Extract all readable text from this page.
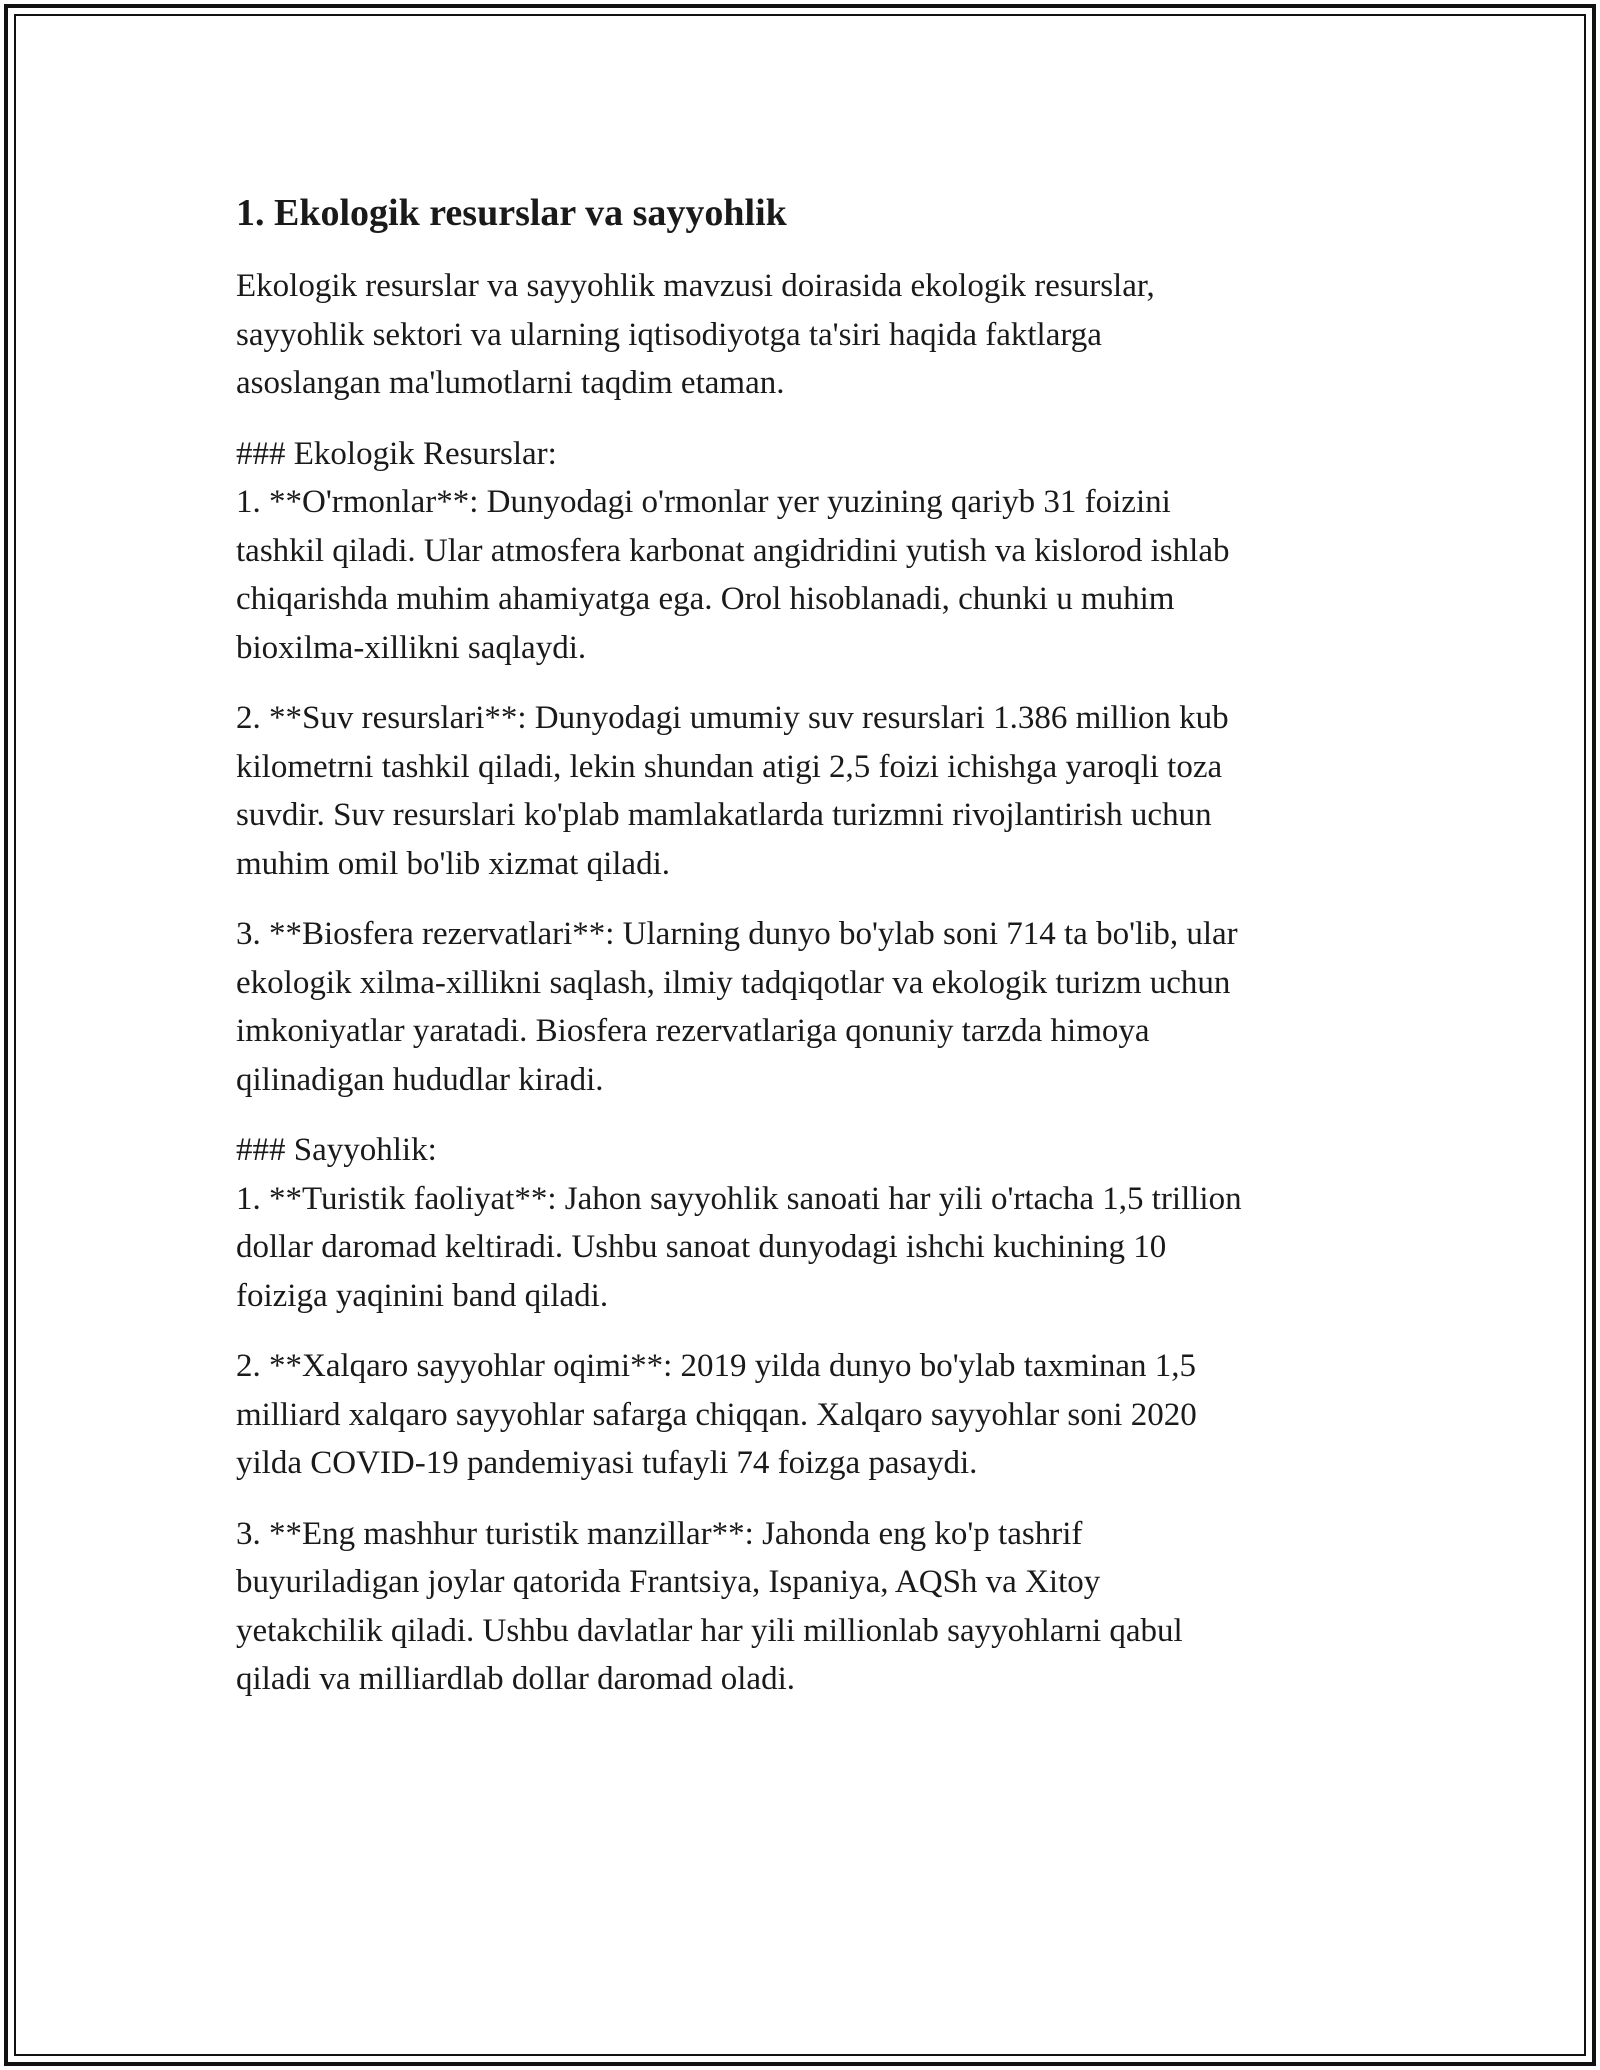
1. Ekologik resurslar va sayyohlik

Ekologik resurslar va sayyohlik mavzusi doirasida ekologik resurslar,
sayyohlik sektori va ularning iqtisodiyotga ta'siri haqida faktlarga
asoslangan ma'lumotlarni taqdim etaman.

### Ekologik Resurslar:
1. **O'rmonlar**: Dunyodagi o'rmonlar yer yuzining qariyb 31 foizini
tashkil qiladi. Ular atmosfera karbonat angidridini yutish va kislorod ishlab
chiqarishda muhim ahamiyatga ega. Orol hisoblanadi, chunki u muhim
bioxilma-xillikni saqlaydi.

2. **Suv resurslari**: Dunyodagi umumiy suv resurslari 1.386 million kub
kilometrni tashkil qiladi, lekin shundan atigi 2,5 foizi ichishga yaroqli toza
suvdir. Suv resurslari ko'plab mamlakatlarda turizmni rivojlantirish uchun
muhim omil bo'lib xizmat qiladi.

3. **Biosfera rezervatlari**: Ularning dunyo bo'ylab soni 714 ta bo'lib, ular
ekologik xilma-xillikni saqlash, ilmiy tadqiqotlar va ekologik turizm uchun
imkoniyatlar yaratadi. Biosfera rezervatlariga qonuniy tarzda himoya
qilinadigan hududlar kiradi.

### Sayyohlik:
1. **Turistik faoliyat**: Jahon sayyohlik sanoati har yili o'rtacha 1,5 trillion
dollar daromad keltiradi. Ushbu sanoat dunyodagi ishchi kuchining 10
foiziga yaqinini band qiladi.

2. **Xalqaro sayyohlar oqimi**: 2019 yilda dunyo bo'ylab taxminan 1,5
milliard xalqaro sayyohlar safarga chiqqan. Xalqaro sayyohlar soni 2020
yilda COVID-19 pandemiyasi tufayli 74 foizga pasaydi.

3. **Eng mashhur turistik manzillar**: Jahonda eng ko'p tashrif
buyuriladigan joylar qatorida Frantsiya, Ispaniya, AQSh va Xitoy
yetakchilik qiladi. Ushbu davlatlar har yili millionlab sayyohlarni qabul
qiladi va milliardlab dollar daromad oladi.
